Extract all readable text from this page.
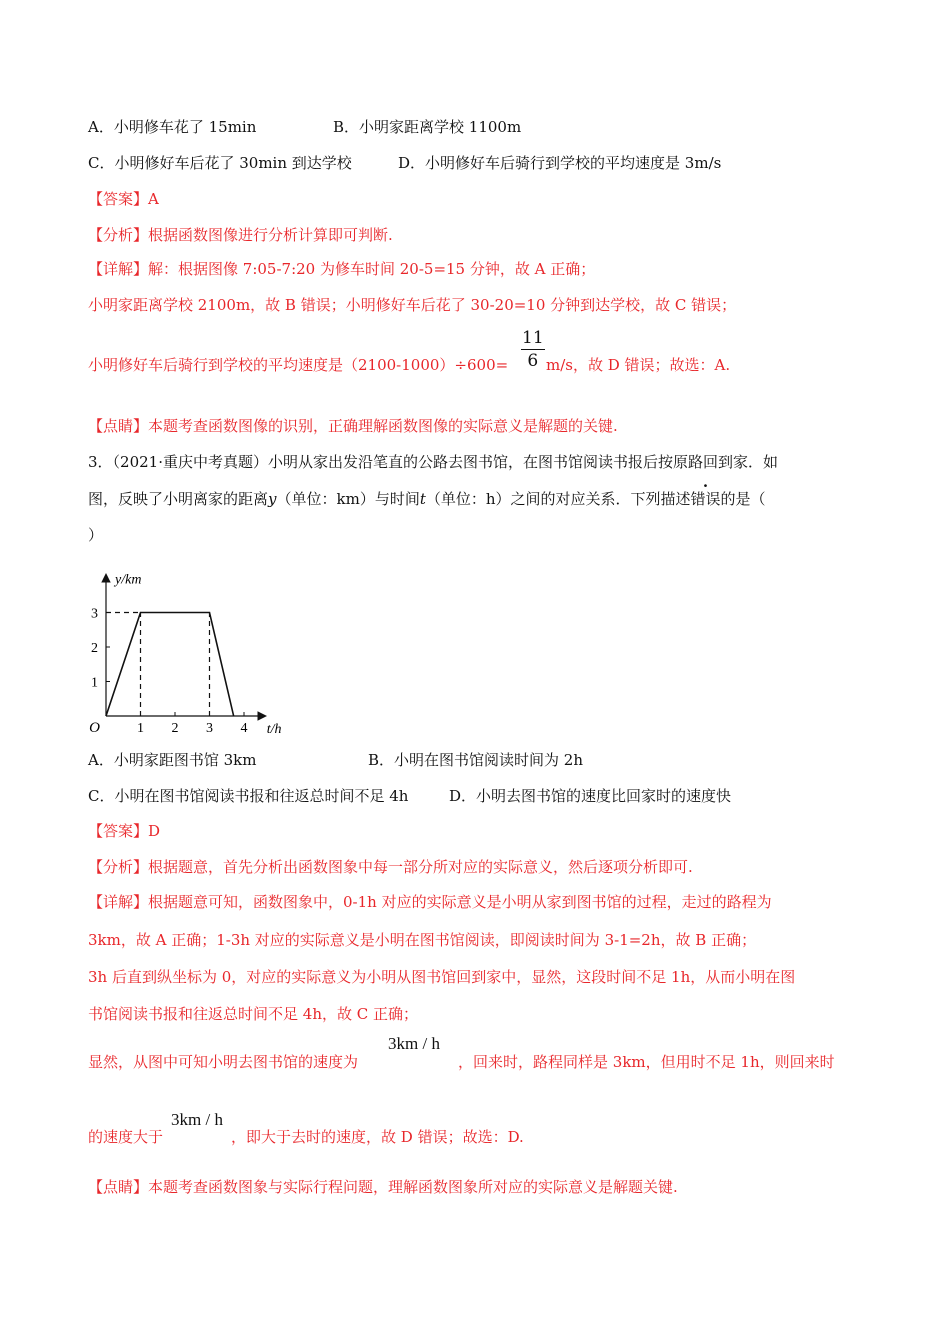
A．小明修车花了 15min	B．小明家距离学校 1100m
C．小明修好车后花了 30min 到达学校	D．小明修好车后骑行到学校的平均速度是 3m/s
【答案】A
【分析】根据函数图像进行分析计算即可判断.
【详解】解：根据图像 7:05-7:20 为修车时间 20-5=15 分钟，故 A 正确；
小明家距离学校 2100m，故 B 错误；小明修好车后花了 30-20=10 分钟到达学校，故 C 错误；
小明修好车后骑行到学校的平均速度是$(2100-1000)\div 600= \frac{11}{6} m/s$，故 D 错误；故选：A.
【点睛】本题考查函数图像的识别，正确理解函数图像的实际意义是解题的关键.
3．（2021·重庆中考真题）小明从家出发沿笔直的公路去图书馆，在图书馆阅读书报后按原路回到家．如
图，反映了小明离家的距离y（单位：km）与时间t（单位：h）之间的对应关系．下列描述错误的是（
）
1 2 3 4
1
2
3
O	t/h
y/km
A．小明家距图书馆 3km	B．小明在图书馆阅读时间为 2h
C．小明在图书馆阅读书报和往返总时间不足 4h	D．小明去图书馆的速度比回家时的速度快
【答案】D
【分析】根据题意，首先分析出函数图象中每一部分所对应的实际意义，然后逐项分析即可.
【详解】根据题意可知，函数图象中，0-1h 对应的实际意义是小明从家到图书馆的过程，走过的路程为
3km，故 A 正确；1-3h 对应的实际意义是小明在图书馆阅读，即阅读时间为 3-1=2h，故 B 正确；
3h 后直到纵坐标为 0，对应的实际意义为小明从图书馆回到家中，显然，这段时间不足 1h，从而小明在图
书馆阅读书报和往返总时间不足 4h，故 C 正确；
显然，从图中可知小明去图书馆的速度为
3km / h
，回来时，路程同样是 3km，但用时不足 1h，则回来时
的速度大于
3km / h
，即大于去时的速度，故 D 错误；故选：D.
【点睛】本题考查函数图象与实际行程问题，理解函数图象所对应的实际意义是解题关键.
